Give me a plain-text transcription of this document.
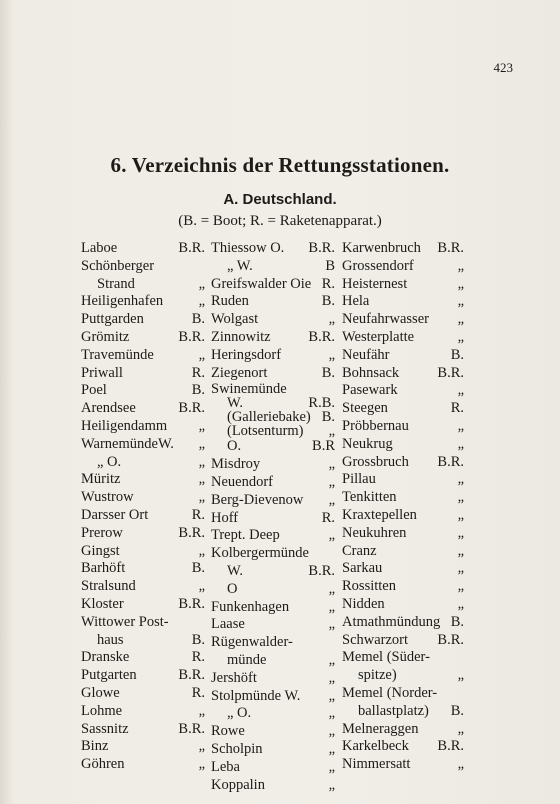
423
6. Verzeichnis der Rettungsstationen.
A. Deutschland.
(B. = Boot; R. = Raketenapparat.)
Laboe	B.R.
Schönberger
Strand	„
Heiligenhafen „
Puttgarden	B.
Grömitz	B.R.
Travemünde	„
Priwall	R.
Poel	B.
Arendsee	B.R.
Heiligendamm „
WarnemündeW. „
„ O.	„
Müritz	„
Wustrow	„
Darsser Ort	R.
Prerow	B.R.
Gingst	„
Barhöft	B.
Stralsund	„
Kloster	B.R.
Wittower Post-
haus	B.
Dranske	R.
Putgarten	B.R.
Glowe	R.
Lohme	„
Sassnitz	B.R.
Binz	„
Göhren	„
Thiessow O. B.R.
„ W.	B
Greifswalder Oie R.
Ruden	B.
Wolgast	„
Zinnowitz	B.R.
Heringsdorf	„
Ziegenort	B.
Swinemünde
W.	R.B.
(Galleriebake) B.
(Lotsenturm) „
O.	B.R
Misdroy	„
Neuendorf	„
Berg-Dievenow „
Hoff	R.
Trept. Deep	„
Kolbergermünde
W.	B.R.
O	„
Funkenhagen	„
Laase	„
Rügenwalder-
münde	„
Jershöft	„
Stolpmünde W. „
„ O.	„
Rowe	„
Scholpin	„
Leba	„
Koppalin	„
Karwenbruch B.R.
Grossendorf	„
Heisternest	„
Hela	„
Neufahrwasser „
Westerplatte	„
Neufähr	B.
Bohnsack	B.R.
Pasewark	„
Steegen	R.
Pröbbernau	„
Neukrug	„
Grossbruch B.R.
Pillau	„
Tenkitten	„
Kraxtepellen	„
Neukuhren	„
Cranz	„
Sarkau	„
Rossitten	„
Nidden	„
Atmathmündung B.
Schwarzort B.R.
Memel (Süder-
spitze)	„
Memel (Norder-
ballastplatz) B.
Melneraggen	„
Karkelbeck B.R.
Nimmersatt	„
